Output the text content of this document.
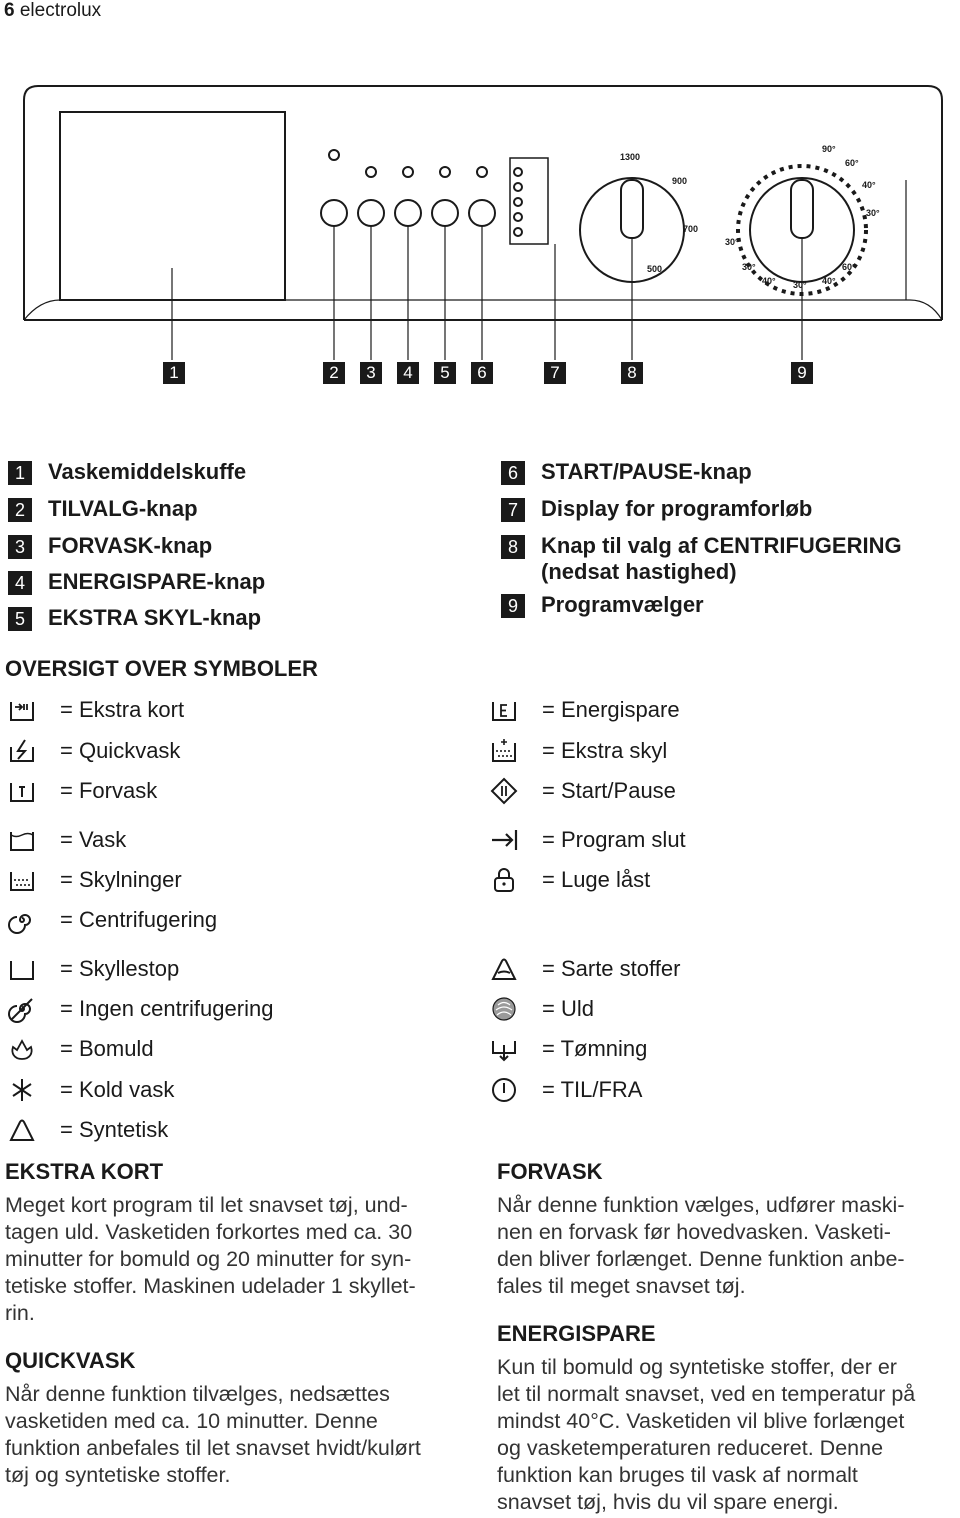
6 electrolux
1300
900
700
500
90°
60°
40°
30°
30°
30°
40° 30° 40°
60°
1	2	3	4	5	6	7	8	9
1	Vaskemiddelskuffe
2	TILVALG-knap
3	FORVASK-knap
4	ENERGISPARE-knap
5	EKSTRA SKYL-knap
6	START/PAUSE-knap
7	Display for programforløb
8	Knap til valg af CENTRIFUGERING
(nedsat hastighed)
9	Programvælger
OVERSIGT OVER SYMBOLER
= Ekstra kort
= Quickvask
= Forvask
= Vask
= Skylninger
= Centrifugering
= Skyllestop
= Ingen centrifugering
= Bomuld
= Kold vask
= Syntetisk
= Energispare
= Ekstra skyl
= Start/Pause
= Program slut
= Luge låst
= Sarte stoffer
= Uld
= Tømning
= TIL/FRA
EKSTRA KORT
Meget kort program til let snavset tøj, und-
tagen uld. Vasketiden forkortes med ca. 30
minutter for bomuld og 20 minutter for syn-
tetiske stoffer. Maskinen udelader 1 skyllet-
rin.
QUICKVASK
Når denne funktion tilvælges, nedsættes
vasketiden med ca. 10 minutter. Denne
funktion anbefales til let snavset hvidt/kulørt
tøj og syntetiske stoffer.
FORVASK
Når denne funktion vælges, udfører maski-
nen en forvask før hovedvasken. Vasketi-
den bliver forlænget. Denne funktion anbe-
fales til meget snavset tøj.
ENERGISPARE
Kun til bomuld og syntetiske stoffer, der er
let til normalt snavset, ved en temperatur på
mindst 40°C. Vasketiden vil blive forlænget
og vasketemperaturen reduceret. Denne
funktion kan bruges til vask af normalt
snavset tøj, hvis du vil spare energi.
